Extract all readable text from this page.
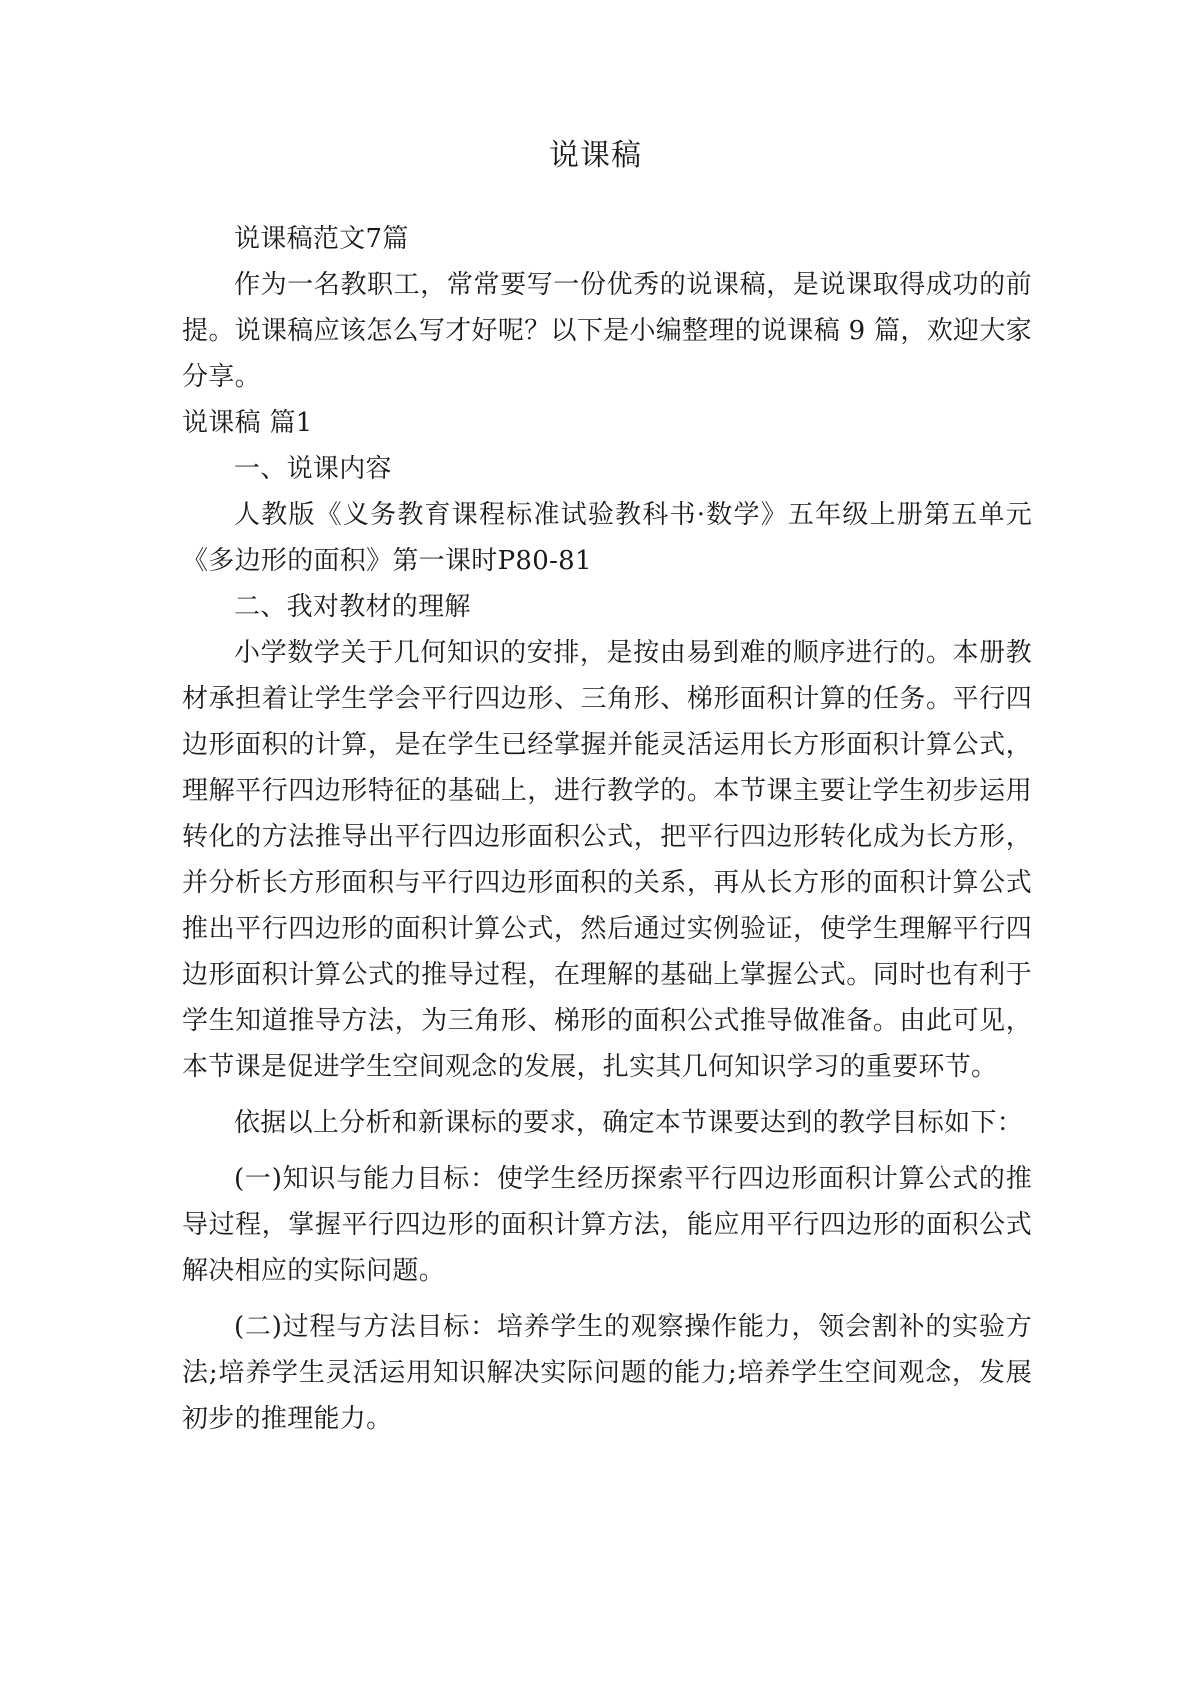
说课稿

说课稿范文7篇

作为一名教职工，常常要写一份优秀的说课稿，是说课取得成功的前提。说课稿应该怎么写才好呢？以下是小编整理的说课稿 9 篇，欢迎大家分享。

说课稿 篇1

一、说课内容

人教版《义务教育课程标准试验教科书·数学》五年级上册第五单元《多边形的面积》第一课时P80-81

二、我对教材的理解

小学数学关于几何知识的安排，是按由易到难的顺序进行的。本册教材承担着让学生学会平行四边形、三角形、梯形面积计算的任务。平行四边形面积的计算，是在学生已经掌握并能灵活运用长方形面积计算公式，理解平行四边形特征的基础上，进行教学的。本节课主要让学生初步运用转化的方法推导出平行四边形面积公式，把平行四边形转化成为长方形，并分析长方形面积与平行四边形面积的关系，再从长方形的面积计算公式推出平行四边形的面积计算公式，然后通过实例验证，使学生理解平行四边形面积计算公式的推导过程，在理解的基础上掌握公式。同时也有利于学生知道推导方法，为三角形、梯形的面积公式推导做准备。由此可见，本节课是促进学生空间观念的发展，扎实其几何知识学习的重要环节。

依据以上分析和新课标的要求，确定本节课要达到的教学目标如下：

(一)知识与能力目标：使学生经历探索平行四边形面积计算公式的推导过程，掌握平行四边形的面积计算方法，能应用平行四边形的面积公式解决相应的实际问题。

(二)过程与方法目标：培养学生的观察操作能力，领会割补的实验方法;培养学生灵活运用知识解决实际问题的能力;培养学生空间观念，发展初步的推理能力。
